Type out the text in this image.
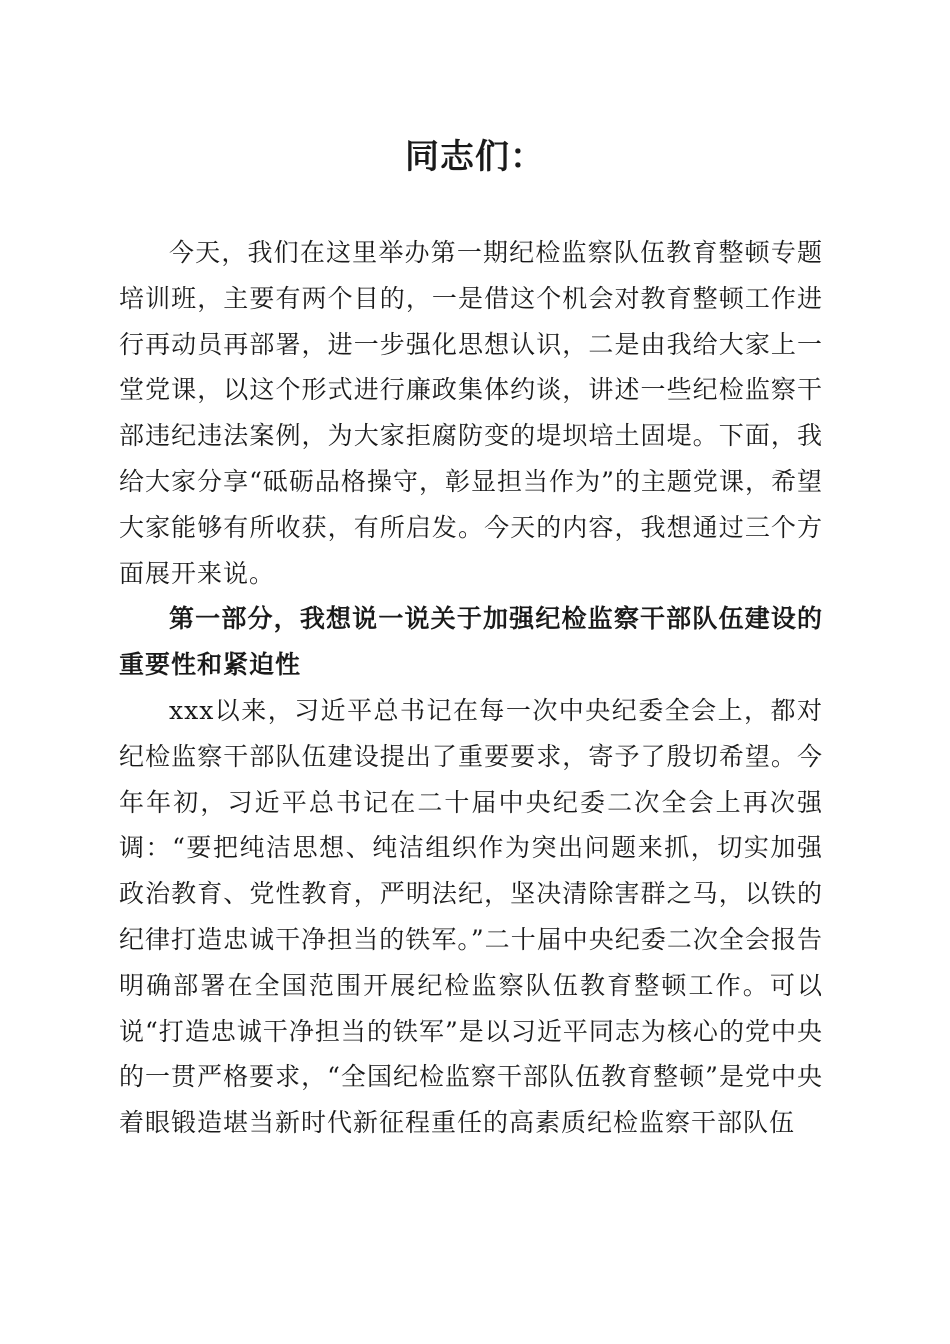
同志们：

今天，我们在这里举办第一期纪检监察队伍教育整顿专题培训班，主要有两个目的，一是借这个机会对教育整顿工作进行再动员再部署，进一步强化思想认识，二是由我给大家上一堂党课，以这个形式进行廉政集体约谈，讲述一些纪检监察干部违纪违法案例，为大家拒腐防变的堤坝培土固堤。下面，我给大家分享“砥砺品格操守，彰显担当作为”的主题党课，希望大家能够有所收获，有所启发。今天的内容，我想通过三个方面展开来说。

第一部分，我想说一说关于加强纪检监察干部队伍建设的重要性和紧迫性

xxx以来，习近平总书记在每一次中央纪委全会上，都对纪检监察干部队伍建设提出了重要要求，寄予了殷切希望。今年年初，习近平总书记在二十届中央纪委二次全会上再次强调：“要把纯洁思想、纯洁组织作为突出问题来抓，切实加强政治教育、党性教育，严明法纪，坚决清除害群之马，以铁的纪律打造忠诚干净担当的铁军。”二十届中央纪委二次全会报告明确部署在全国范围开展纪检监察队伍教育整顿工作。可以说“打造忠诚干净担当的铁军”是以习近平同志为核心的党中央的一贯严格要求，“全国纪检监察干部队伍教育整顿”是党中央着眼锻造堪当新时代新征程重任的高素质纪检监察干部队伍
